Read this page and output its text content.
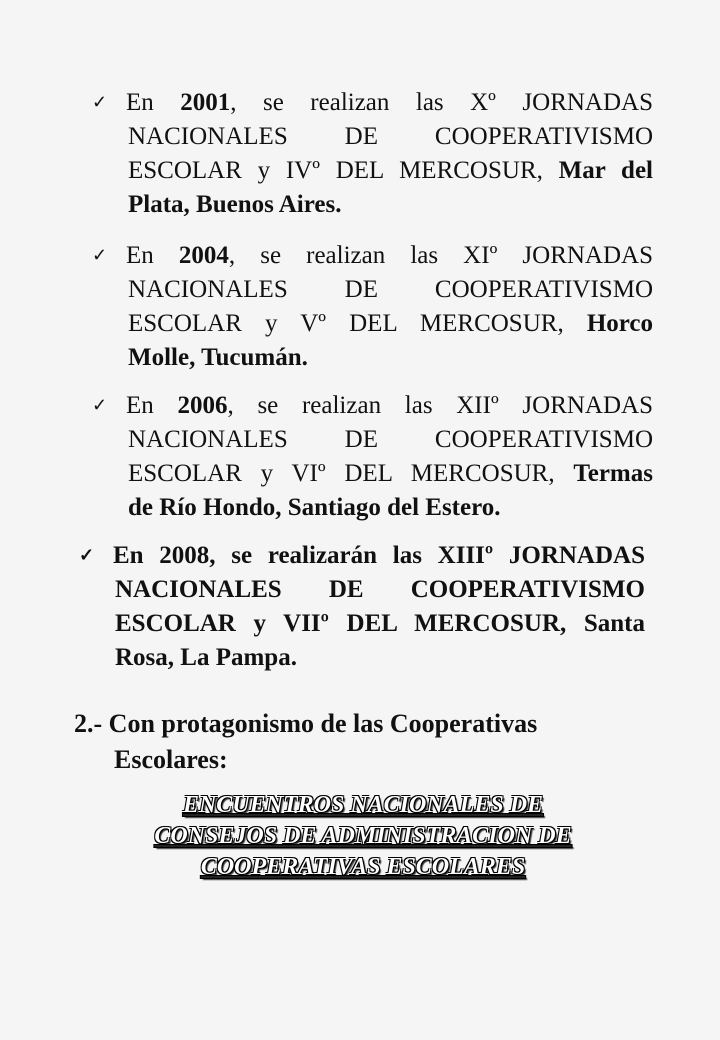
✓ En 2001, se realizan las Xº JORNADAS
NACIONALES DE COOPERATIVISMO
ESCOLAR y IVº DEL MERCOSUR, Mar del
Plata, Buenos Aires.
✓ En 2004, se realizan las XIº JORNADAS
NACIONALES DE COOPERATIVISMO
ESCOLAR y Vº DEL MERCOSUR, Horco
Molle, Tucumán.
✓ En 2006, se realizan las XIIº JORNADAS
NACIONALES DE COOPERATIVISMO
ESCOLAR y VIº DEL MERCOSUR, Termas
de Río Hondo, Santiago del Estero.
✓ En 2008, se realizarán las XIIIº JORNADAS
NACIONALES DE COOPERATIVISMO
ESCOLAR y VIIº DEL MERCOSUR, Santa
Rosa, La Pampa.
2.- Con protagonismo de las Cooperativas
Escolares:
ENCUENTROS NACIONALES DE
CONSEJOS DE ADMINISTRACION DE
COOPERATIVAS ESCOLARES
